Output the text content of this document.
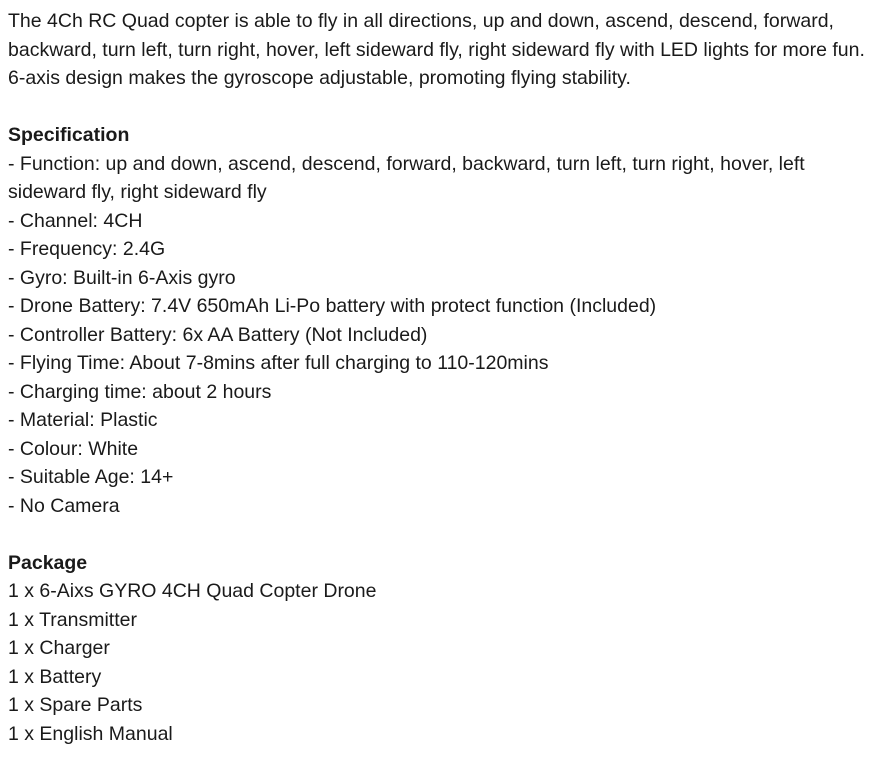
The 4Ch RC Quad copter is able to fly in all directions, up and down, ascend, descend, forward, backward, turn left, turn right, hover, left sideward fly, right sideward fly with LED lights for more fun. 6-axis design makes the gyroscope adjustable, promoting flying stability.

Specification

- Function: up and down, ascend, descend, forward, backward, turn left, turn right, hover, left sideward fly, right sideward fly
- Channel: 4CH
- Frequency: 2.4G
- Gyro: Built-in 6-Axis gyro
- Drone Battery: 7.4V 650mAh Li-Po battery with protect function (Included)
- Controller Battery: 6x AA Battery (Not Included)
- Flying Time: About 7-8mins after full charging to 110-120mins
- Charging time: about 2 hours
- Material: Plastic
- Colour: White
- Suitable Age: 14+
- No Camera

Package

1 x 6-Aixs GYRO 4CH Quad Copter Drone
1 x Transmitter
1 x Charger
1 x Battery
1 x Spare Parts
1 x English Manual
